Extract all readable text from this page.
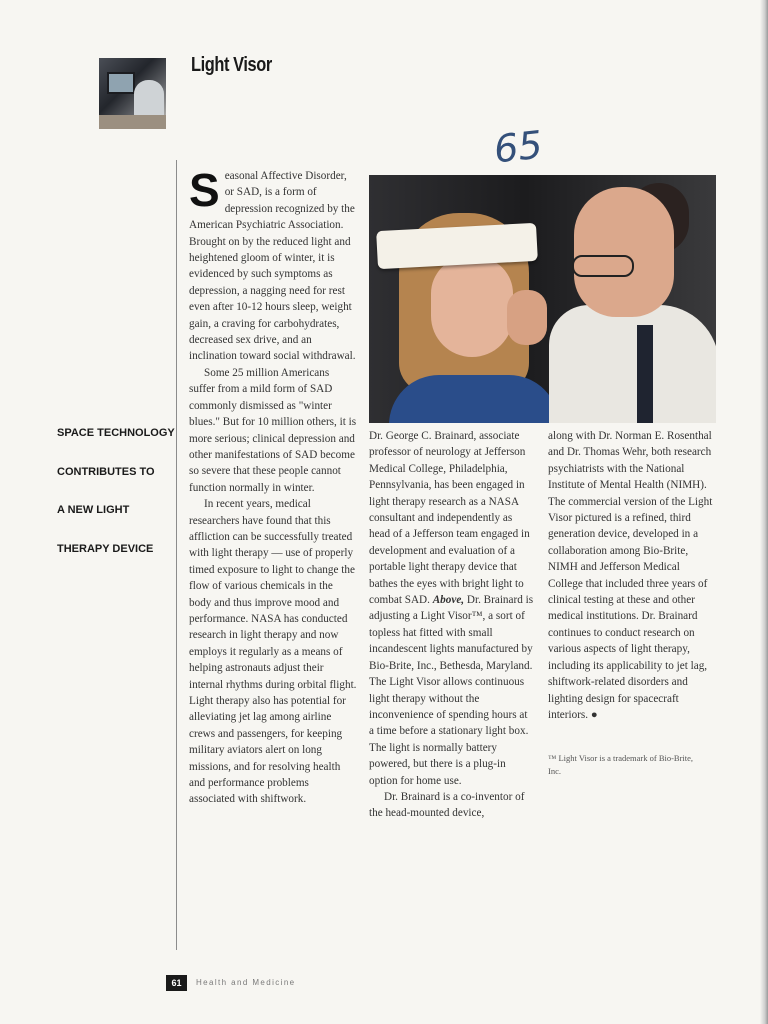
Light Visor
65
SPACE TECHNOLOGY
CONTRIBUTES TO
A NEW LIGHT
THERAPY DEVICE

Seasonal Affective Disorder, or SAD, is a form of depression recognized by the American Psychiatric Association. Brought on by the reduced light and heightened gloom of winter, it is evidenced by such symptoms as depression, a nagging need for rest even after 10-12 hours sleep, weight gain, a craving for carbohydrates, decreased sex drive, and an inclination toward social withdrawal.

Some 25 million Americans suffer from a mild form of SAD commonly dismissed as "winter blues." But for 10 million others, it is more serious; clinical depression and other manifestations of SAD become so severe that these people cannot function normally in winter.

In recent years, medical researchers have found that this affliction can be successfully treated with light therapy — use of properly timed exposure to light to change the flow of various chemicals in the body and thus improve mood and performance. NASA has conducted research in light therapy and now employs it regularly as a means of helping astronauts adjust their internal rhythms during orbital flight. Light therapy also has potential for alleviating jet lag among airline crews and passengers, for keeping military aviators alert on long missions, and for resolving health and performance problems associated with shiftwork.

Dr. George C. Brainard, associate professor of neurology at Jefferson Medical College, Philadelphia, Pennsylvania, has been engaged in light therapy research as a NASA consultant and independently as head of a Jefferson team engaged in development and evaluation of a portable light therapy device that bathes the eyes with bright light to combat SAD. Above, Dr. Brainard is adjusting a Light Visor™, a sort of topless hat fitted with small incandescent lights manufactured by Bio-Brite, Inc., Bethesda, Maryland. The Light Visor allows continuous light therapy without the inconvenience of spending hours at a time before a stationary light box. The light is normally battery powered, but there is a plug-in option for home use.

Dr. Brainard is a co-inventor of the head-mounted device,

along with Dr. Norman E. Rosenthal and Dr. Thomas Wehr, both research psychiatrists with the National Institute of Mental Health (NIMH). The commercial version of the Light Visor pictured is a refined, third generation device, developed in a collaboration among Bio-Brite, NIMH and Jefferson Medical College that included three years of clinical testing at these and other medical institutions. Dr. Brainard continues to conduct research on various aspects of light therapy, including its applicability to jet lag, shiftwork-related disorders and lighting design for spacecraft interiors. ●

™ Light Visor is a trademark of Bio-Brite, Inc.
61	Health and Medicine
